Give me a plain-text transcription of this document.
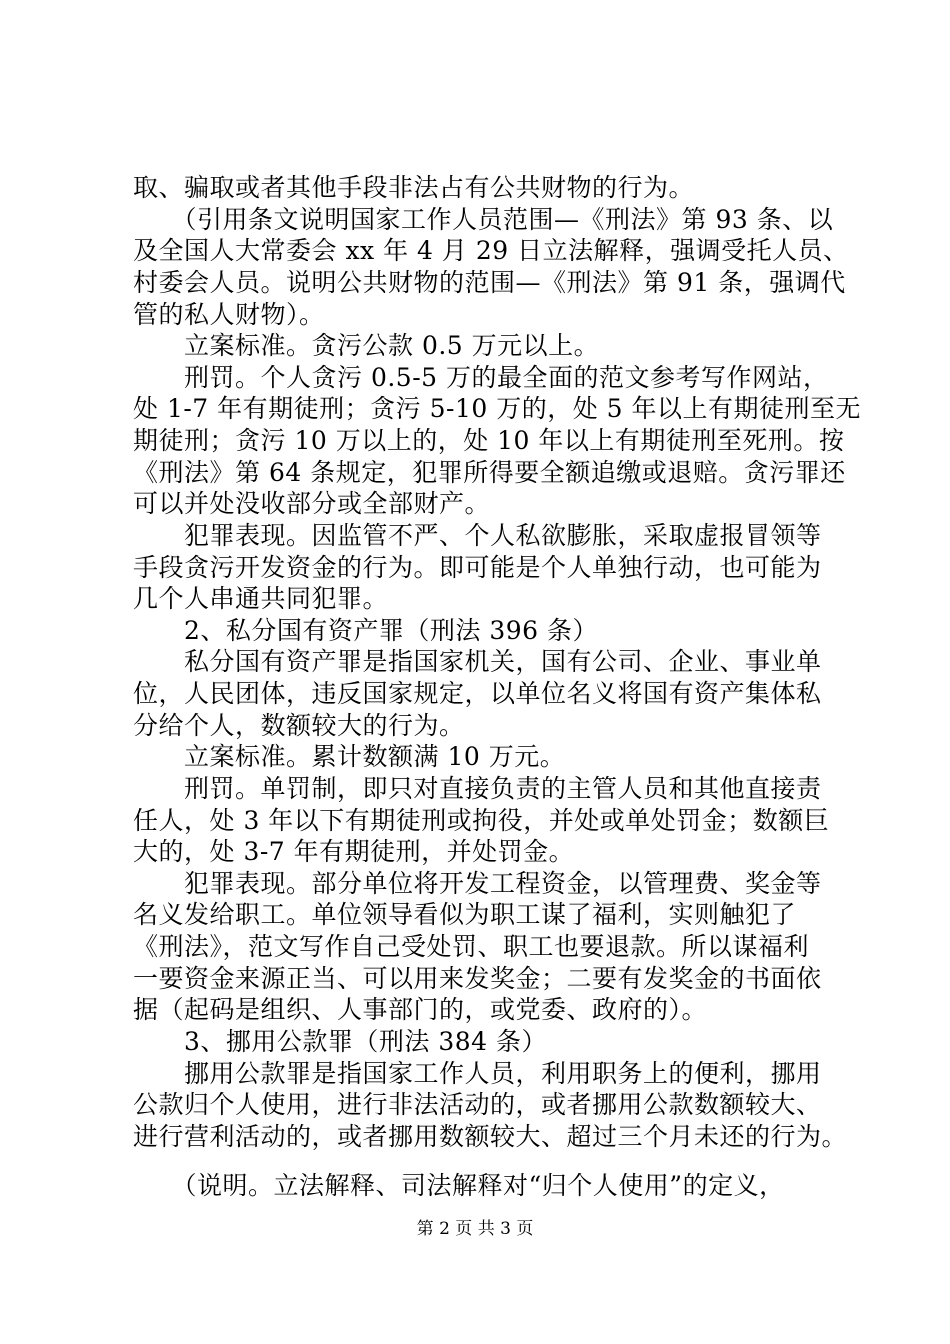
取、骗取或者其他手段非法占有公共财物的行为。
　　（引用条文说明国家工作人员范围—《刑法》第 93 条、以
及全国人大常委会 xx 年 4 月 29 日立法解释，强调受托人员、
村委会人员。说明公共财物的范围—《刑法》第 91 条，强调代
管的私人财物）。
　　立案标准。贪污公款 0.5 万元以上。
　　刑罚。个人贪污 0.5-5 万的最全面的范文参考写作网站，
处 1-7 年有期徒刑；贪污 5-10 万的，处 5 年以上有期徒刑至无
期徒刑；贪污 10 万以上的，处 10 年以上有期徒刑至死刑。按
《刑法》第 64 条规定，犯罪所得要全额追缴或退赔。贪污罪还
可以并处没收部分或全部财产。
　　犯罪表现。因监管不严、个人私欲膨胀，采取虚报冒领等
手段贪污开发资金的行为。即可能是个人单独行动，也可能为
几个人串通共同犯罪。
　　2、私分国有资产罪（刑法 396 条）
　　私分国有资产罪是指国家机关，国有公司、企业、事业单
位，人民团体，违反国家规定，以单位名义将国有资产集体私
分给个人，数额较大的行为。
　　立案标准。累计数额满 10 万元。
　　刑罚。单罚制，即只对直接负责的主管人员和其他直接责
任人，处 3 年以下有期徒刑或拘役，并处或单处罚金；数额巨
大的，处 3-7 年有期徒刑，并处罚金。
　　犯罪表现。部分单位将开发工程资金，以管理费、奖金等
名义发给职工。单位领导看似为职工谋了福利，实则触犯了
《刑法》，范文写作自己受处罚、职工也要退款。所以谋福利
一要资金来源正当、可以用来发奖金；二要有发奖金的书面依
据（起码是组织、人事部门的，或党委、政府的）。
　　3、挪用公款罪（刑法 384 条）
　　挪用公款罪是指国家工作人员，利用职务上的便利，挪用
公款归个人使用，进行非法活动的，或者挪用公款数额较大、
进行营利活动的，或者挪用数额较大、超过三个月未还的行为。
　　（说明。立法解释、司法解释对“归个人使用”的定义，
第 2 页 共 3 页
